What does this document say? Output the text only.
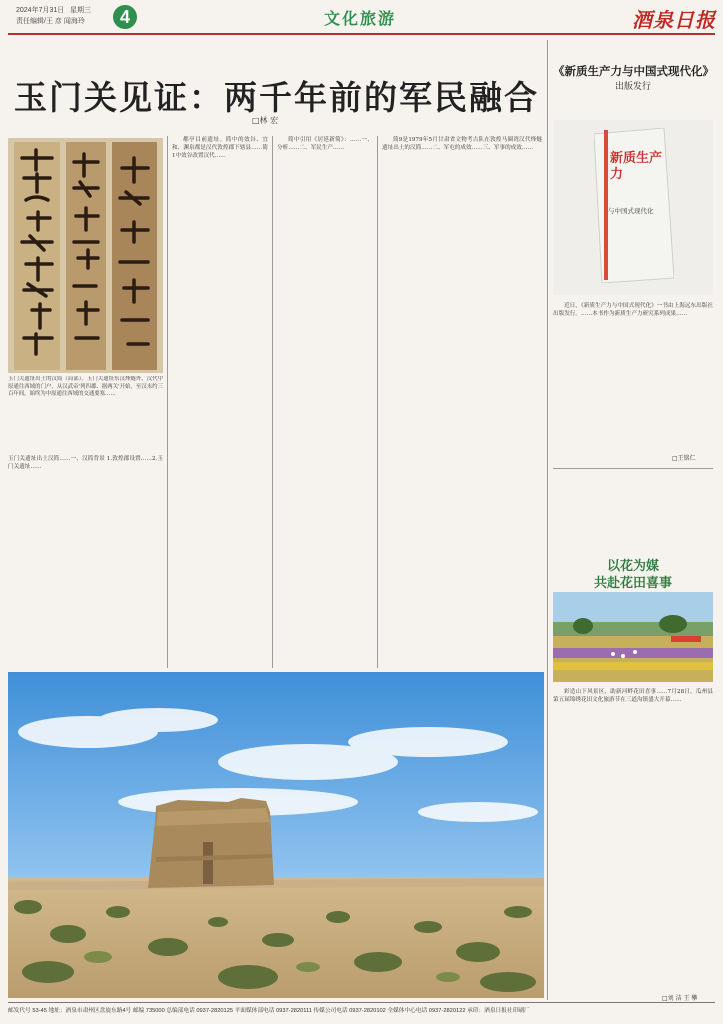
2024年7月31日 星期三
责任编辑/王 彦 闻海玲	4	文化旅游	酒泉日报
玉门关见证：两千年前的军民融合
□林 宏
玉门关遗址出土的汉简（局部）。玉门关遗址东汉烽燧外，汉代中原通往西域的门户，从汉武帝'列四郡、据两关'开始，至汉末约三百年间，始终为中原通往西域的交通要塞……

玉门关遗址出土汉简……一、汉简背景 1.敦煌郡设置……2.玉门关遗址……

都亭目前遗址。简中的效谷、宜和、渊泉都是汉代敦煌郡下辖县……简1中效谷改置汉代……

简中引用《居延新简》：……一、分析……二、军民生产……

简9是1979年5月甘肃省文物考古队在敦煌马圈湾汉代烽燧遗址出土的汉简……二、军屯的成效……三、军事的成效……

《新质生产力与中国式现代化》
出版发行
新质生产力
与中国式现代化

近日，《新质生产力与中国式现代化》一书由上海远东出版社出版发行。……本书作为新质生产力研究系列成果……

□王铭仁
以花为媒
共赴花田喜事

彩造山下风景区，助新河畔花田喜事……7月28日，瓜州县第五届锦绣花田文化旅游节在三道沟镇盛大开幕……

□刘 洁 王 攀
邮发代号 53-45 地址：酒泉市肃州区盘旋东路4号 邮编 735000 总编部电话 0937-2820125 平面媒体部电话 0937-2820111 传媒公司电话 0937-2820102 全媒体中心电话 0937-2820122 承印：酒泉日报社印刷厂
